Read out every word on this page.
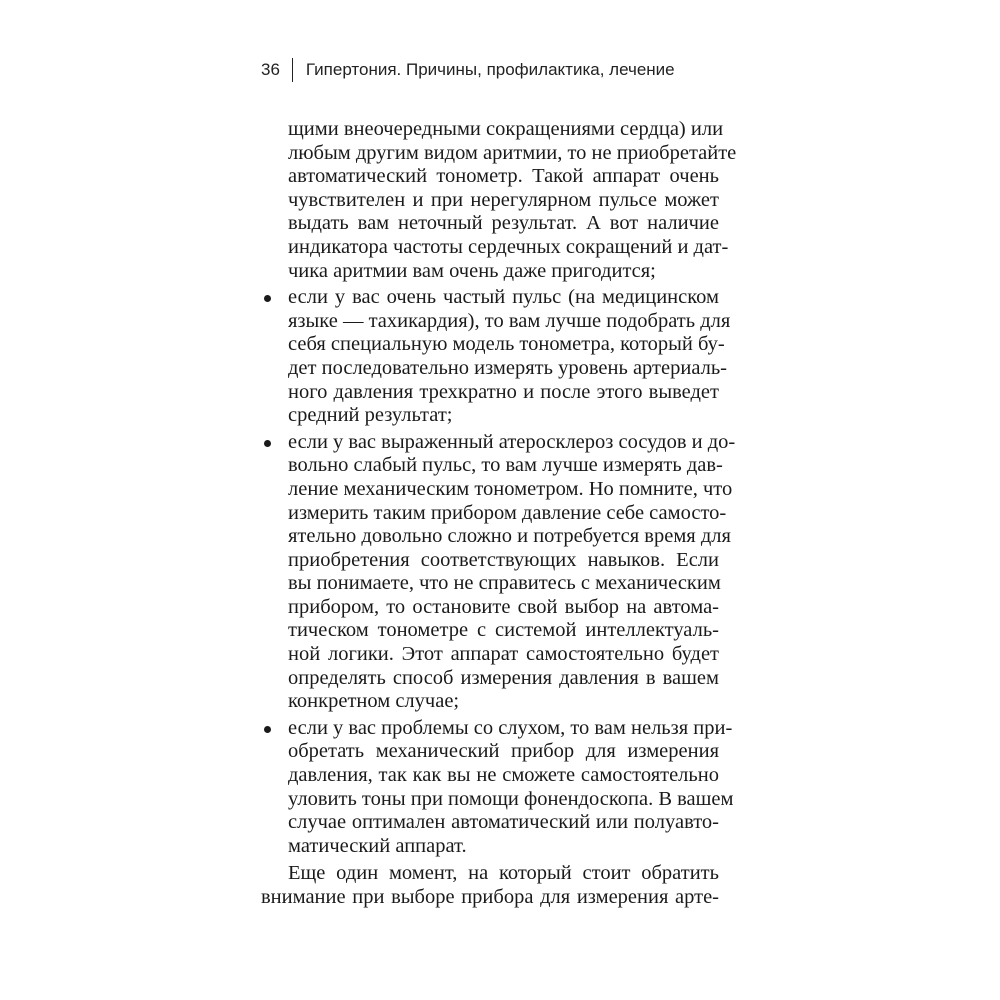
36	Гипертония. Причины, профилактика, лечение
щими внеочередными сокращениями сердца) или
любым другим видом аритмии, то не приобретайте
автоматический тонометр. Такой аппарат очень
чувствителен и при нерегулярном пульсе может
выдать вам неточный результат. А вот наличие
индикатора частоты сердечных сокращений и дат-
чика аритмии вам очень даже пригодится;
если у вас очень частый пульс (на медицинском
языке — тахикардия), то вам лучше подобрать для
себя специальную модель тонометра, который бу-
дет последовательно измерять уровень артериаль-
ного давления трехкратно и после этого выведет
средний результат;
если у вас выраженный атеросклероз сосудов и до-
вольно слабый пульс, то вам лучше измерять дав-
ление механическим тонометром. Но помните, что
измерить таким прибором давление себе самосто-
ятельно довольно сложно и потребуется время для
приобретения соответствующих навыков. Если
вы понимаете, что не справитесь с механическим
прибором, то остановите свой выбор на автома-
тическом тонометре с системой интеллектуаль-
ной логики. Этот аппарат самостоятельно будет
определять способ измерения давления в вашем
конкретном случае;
если у вас проблемы со слухом, то вам нельзя при-
обретать механический прибор для измерения
давления, так как вы не сможете самостоятельно
уловить тоны при помощи фонендоскопа. В вашем
случае оптимален автоматический или полуавто-
матический аппарат.
Еще один момент, на который стоит обратить
внимание при выборе прибора для измерения арте-
